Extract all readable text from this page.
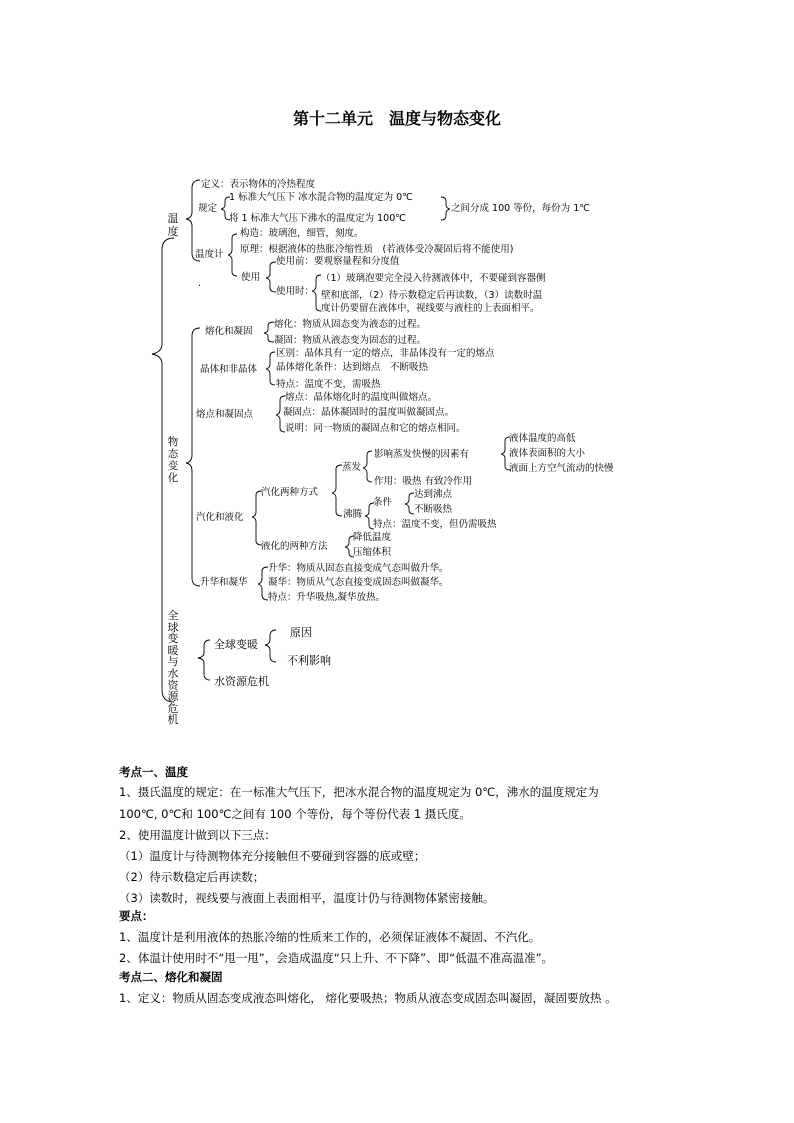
第十二单元　温度与物态变化
温度
定义：表示物体的冷热程度
规定
1 标准大气压下 冰水混合物的温度定为 0℃
将 1 标准大气压下沸水的温度定为 100℃
之间分成 100 等份，每份为 1℃
温度计
构造：玻璃泡，细管，刻度。
原理：根据液体的热胀冷缩性质　(若液体受冷凝固后将不能使用)
使用
使用前：要观察量程和分度值
使用时：
（1）玻璃泡要完全浸入待测液体中，不要碰到容器侧
壁和底部，（2）待示数稳定后再读数，（3）读数时温
度计仍要留在液体中，视线要与液柱的上表面相平。
.
物态变化
熔化和凝固
熔化：物质从固态变为液态的过程。
凝固：物质从液态变为固态的过程。
晶体和非晶体
区别：晶体具有一定的熔点，非晶体没有一定的熔点
晶体熔化条件：达到熔点　不断吸热
特点：温度不变，需吸热
熔点和凝固点
熔点：晶体熔化时的温度叫做熔点。
凝固点：晶体凝固时的温度叫做凝固点。
说明：同一物质的凝固点和它的熔点相同。
汽化和液化
汽化两种方式
蒸发
影响蒸发快慢的因素有
液体温度的高低
液体表面积的大小
液面上方空气流动的快慢
作用：吸热 有致冷作用
沸腾
条件
达到沸点
不断吸热
特点：温度不变，但仍需吸热
液化的两种方法
降低温度
压缩体积
升华和凝华
升华：物质从固态直接变成气态叫做升华。
凝华：物质从气态直接变成固态叫做凝华。
特点：升华吸热,凝华放热。
全球变暖与水资源危机
全球变暖
原因
不利影响
水资源危机
考点一、温度
1、摄氏温度的规定：在一标准大气压下，把冰水混合物的温度规定为 0℃，沸水的温度规定为
100℃, 0℃和 100℃之间有 100 个等份，每个等份代表 1 摄氏度。
2、使用温度计做到以下三点：
（1）温度计与待测物体充分接触但不要碰到容器的底或壁；
（2）待示数稳定后再读数；
（3）读数时，视线要与液面上表面相平，温度计仍与待测物体紧密接触。
要点：
1、温度计是利用液体的热胀冷缩的性质来工作的，必须保证液体不凝固、不汽化。
2、体温计使用时不“甩一甩”，会造成温度“只上升、不下降”、即“低温不准高温准”。
考点二、熔化和凝固
1、定义：物质从固态变成液态叫熔化， 熔化要吸热；物质从液态变成固态叫凝固，凝固要放热 。
